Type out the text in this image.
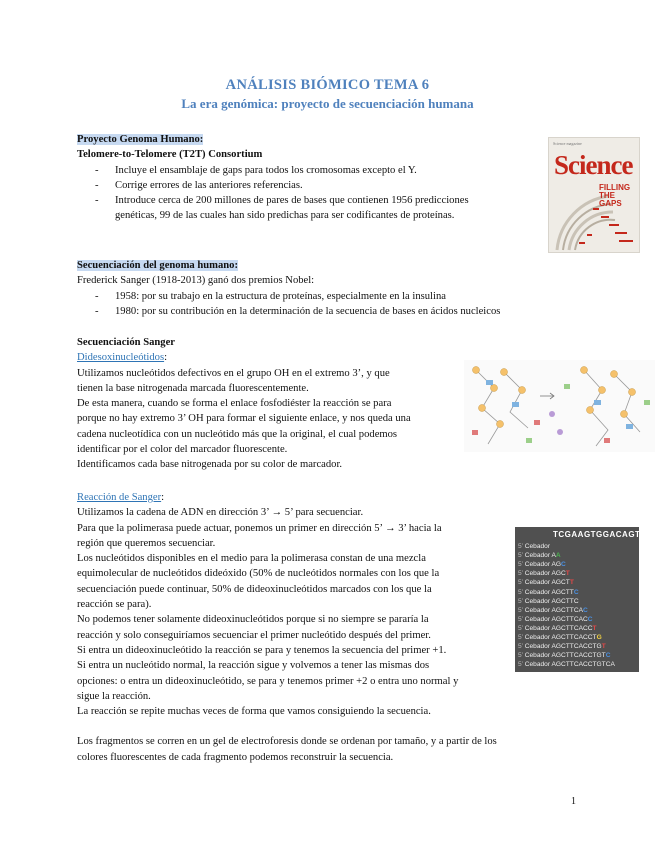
ANÁLISIS BIÓMICO TEMA 6
La era genómica: proyecto de secuenciación humana
Proyecto Genoma Humano:
Telomere-to-Telomere (T2T) Consortium
- Incluye el ensamblaje de gaps para todos los cromosomas excepto el Y.
- Corrige errores de las anteriores referencias.
- Introduce cerca de 200 millones de pares de bases que contienen 1956 predicciones
genéticas, 99 de las cuales han sido predichas para ser codificantes de proteínas.
Science magazine
Science
FILLING
THE
GAPS
Secuenciación del genoma humano:
Frederick Sanger (1918-2013) ganó dos premios Nobel:
- 1958: por su trabajo en la estructura de proteínas, especialmente en la insulina
- 1980: por su contribución en la determinación de la secuencia de bases en ácidos nucleicos
Secuenciación Sanger
Didesoxinucleótidos:
Utilizamos nucleótidos defectivos en el grupo OH en el extremo 3’, y que
tienen la base nitrogenada marcada fluorescentemente.
De esta manera, cuando se forma el enlace fosfodiéster la reacción se para
porque no hay extremo 3’ OH para formar el siguiente enlace, y nos queda una
cadena nucleotídica con un nucleótido más que la original, el cual podemos
identificar por el color del marcador fluorescente.
Identificamos cada base nitrogenada por su color de marcador.
Reacción de Sanger:
Utilizamos la cadena de ADN en dirección 3’ → 5’ para secuenciar.
Para que la polimerasa puede actuar, ponemos un primer en dirección 5’ → 3’ hacia la
región que queremos secuenciar.
Los nucleótidos disponibles en el medio para la polimerasa constan de una mezcla
equimolecular de nucleótidos dideóxido (50% de nucleótidos normales con los que la
secuenciación puede continuar, 50% de dideoxinucleótidos marcados con los que la
reacción se para).
No podemos tener solamente dideoxinucleótidos porque si no siempre se pararía la
reacción y solo conseguiríamos secuenciar el primer nucleótido después del primer.
Si entra un dideoxinucleótido la reacción se para y tenemos la secuencia del primer +1.
Si entra un nucleótido normal, la reacción sigue y volvemos a tener las mismas dos
opciones: o entra un dideoxinucleótido, se para y tenemos primer +2 o entra uno normal y
sigue la reacción.
La reacción se repite muchas veces de forma que vamos consiguiendo la secuencia.
Los fragmentos se corren en un gel de electroforesis donde se ordenan por tamaño, y a partir de los
colores fluorescentes de cada fragmento podemos reconstruir la secuencia.
TCGAAGTGGACAGT
5’ Cebador
5’ Cebador AA
5’ Cebador AGC
5’ Cebador AGCT
5’ Cebador AGCTT
5’ Cebador AGCTTC
5’ Cebador AGCTTC
5’ Cebador AGCTTCAC
5’ Cebador AGCTTCACC
5’ Cebador AGCTTCACCT
5’ Cebador AGCTTCACCTG
5’ Cebador AGCTTCACCTGT
5’ Cebador AGCTTCACCTGTC
5’ Cebador AGCTTCACCTGTCA
1
